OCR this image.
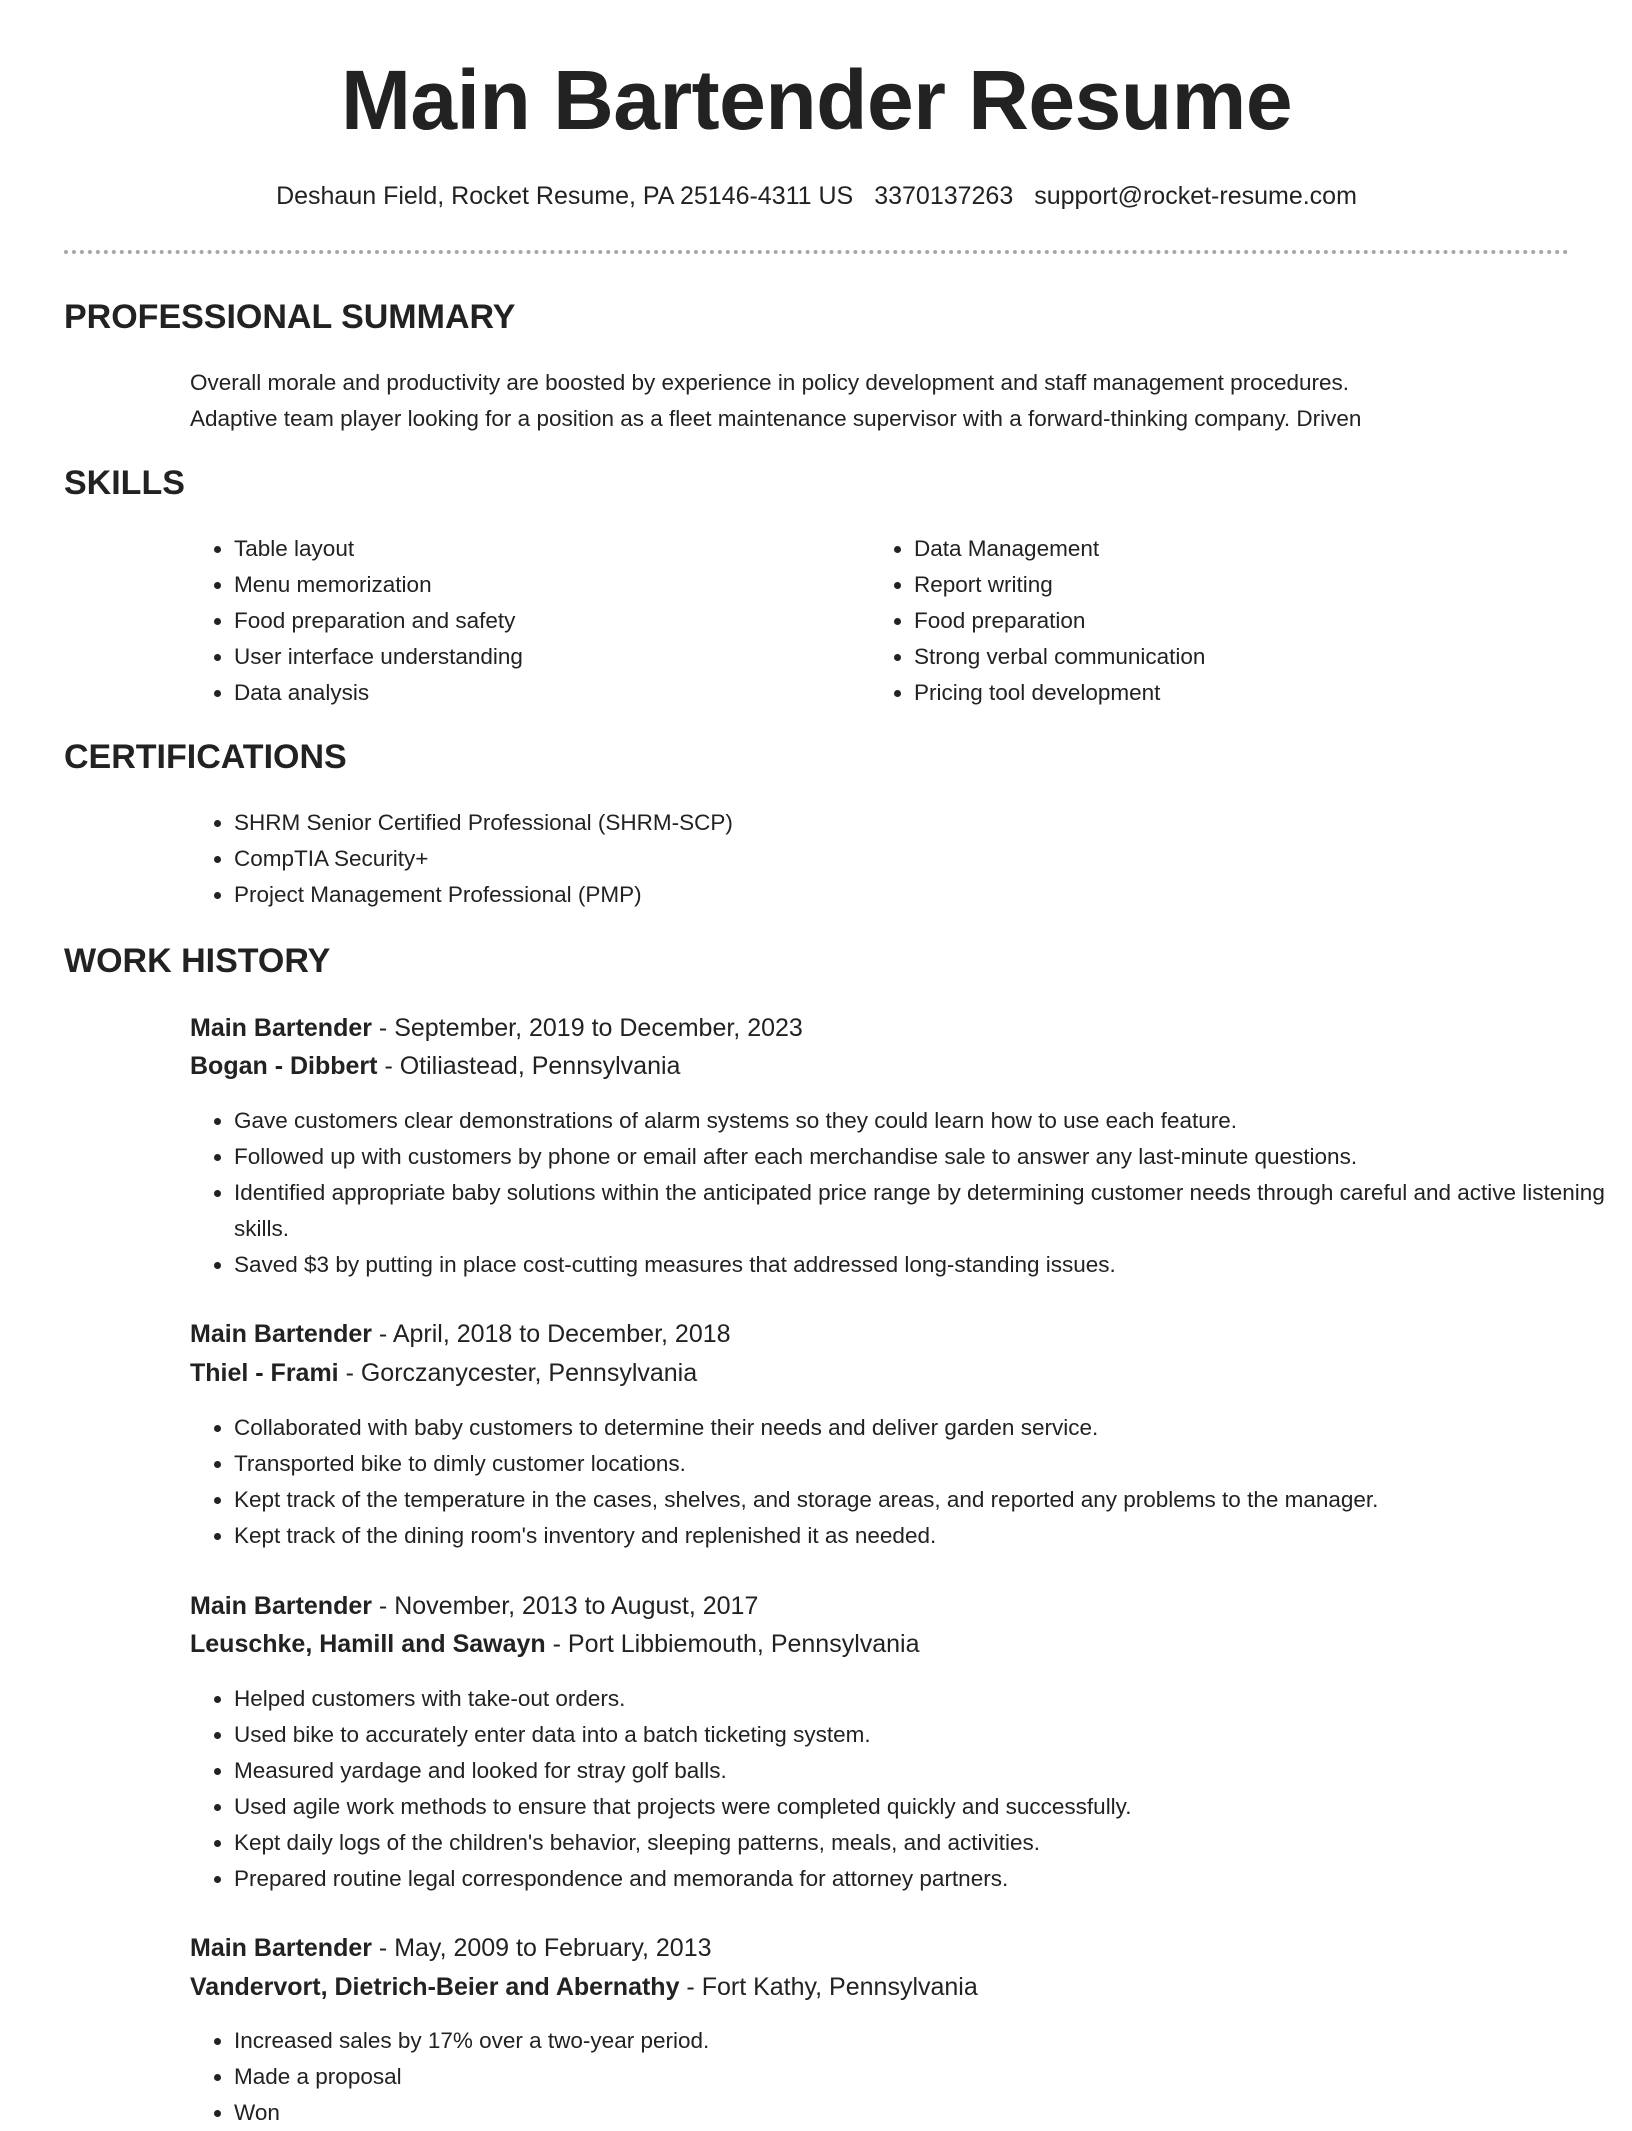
Main Bartender Resume
Deshaun Field, Rocket Resume, PA 25146-4311 US 3370137263 support@rocket-resume.com
PROFESSIONAL SUMMARY
Overall morale and productivity are boosted by experience in policy development and staff management procedures.
Adaptive team player looking for a position as a fleet maintenance supervisor with a forward-thinking company. Driven
SKILLS
• Table layout
• Menu memorization
• Food preparation and safety
• User interface understanding
• Data analysis
• Data Management
• Report writing
• Food preparation
• Strong verbal communication
• Pricing tool development
CERTIFICATIONS
• SHRM Senior Certified Professional (SHRM-SCP)
• CompTIA Security+
• Project Management Professional (PMP)
WORK HISTORY
Main Bartender - September, 2019 to December, 2023
Bogan - Dibbert - Otiliastead, Pennsylvania
• Gave customers clear demonstrations of alarm systems so they could learn how to use each feature.
• Followed up with customers by phone or email after each merchandise sale to answer any last-minute questions.
• Identified appropriate baby solutions within the anticipated price range by determining customer needs through careful and active listening skills.
• Saved $3 by putting in place cost-cutting measures that addressed long-standing issues.
Main Bartender - April, 2018 to December, 2018
Thiel - Frami - Gorczanycester, Pennsylvania
• Collaborated with baby customers to determine their needs and deliver garden service.
• Transported bike to dimly customer locations.
• Kept track of the temperature in the cases, shelves, and storage areas, and reported any problems to the manager.
• Kept track of the dining room's inventory and replenished it as needed.
Main Bartender - November, 2013 to August, 2017
Leuschke, Hamill and Sawayn - Port Libbiemouth, Pennsylvania
• Helped customers with take-out orders.
• Used bike to accurately enter data into a batch ticketing system.
• Measured yardage and looked for stray golf balls.
• Used agile work methods to ensure that projects were completed quickly and successfully.
• Kept daily logs of the children's behavior, sleeping patterns, meals, and activities.
• Prepared routine legal correspondence and memoranda for attorney partners.
Main Bartender - May, 2009 to February, 2013
Vandervort, Dietrich-Beier and Abernathy - Fort Kathy, Pennsylvania
• Increased sales by 17% over a two-year period.
• Made a proposal
• Won
